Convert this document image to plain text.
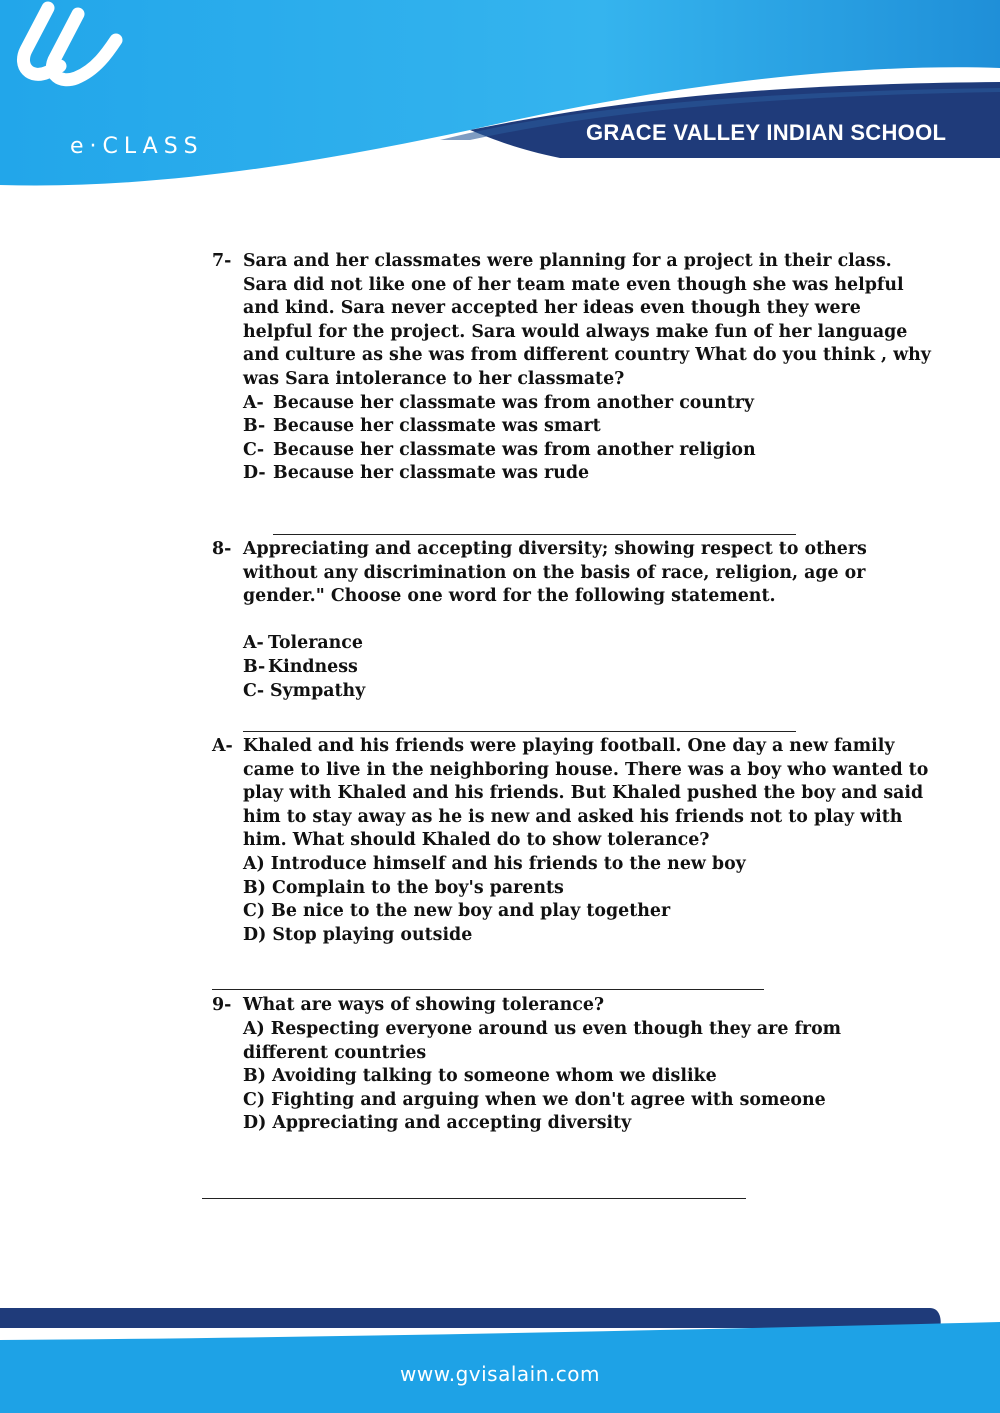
e·CLASS
GRACE VALLEY INDIAN SCHOOL
7- Sara and her classmates were planning for a project in their class. Sara did not like one of her team mate even though she was helpful and kind. Sara never accepted her ideas even though they were helpful for the project. Sara would always make fun of her language and culture as she was from different country What do you think , why was Sara intolerance to her classmate?
A- Because her classmate was from another country
B- Because her classmate was smart
C- Because her classmate was from another religion
D- Because her classmate was rude
8- Appreciating and accepting diversity; showing respect to others without any discrimination on the basis of race, religion, age or gender." Choose one word for the following statement.
A- Tolerance
B- Kindness
C- Sympathy
A- Khaled and his friends were playing football. One day a new family came to live in the neighboring house. There was a boy who wanted to play with Khaled and his friends. But Khaled pushed the boy and said him to stay away as he is new and asked his friends not to play with him. What should Khaled do to show tolerance?
A) Introduce himself and his friends to the new boy
B) Complain to the boy's parents
C) Be nice to the new boy and play together
D) Stop playing outside
9- What are ways of showing tolerance?
A) Respecting everyone around us even though they are from different countries
B) Avoiding talking to someone whom we dislike
C) Fighting and arguing when we don't agree with someone
D) Appreciating and accepting diversity
www.gvisalain.com
